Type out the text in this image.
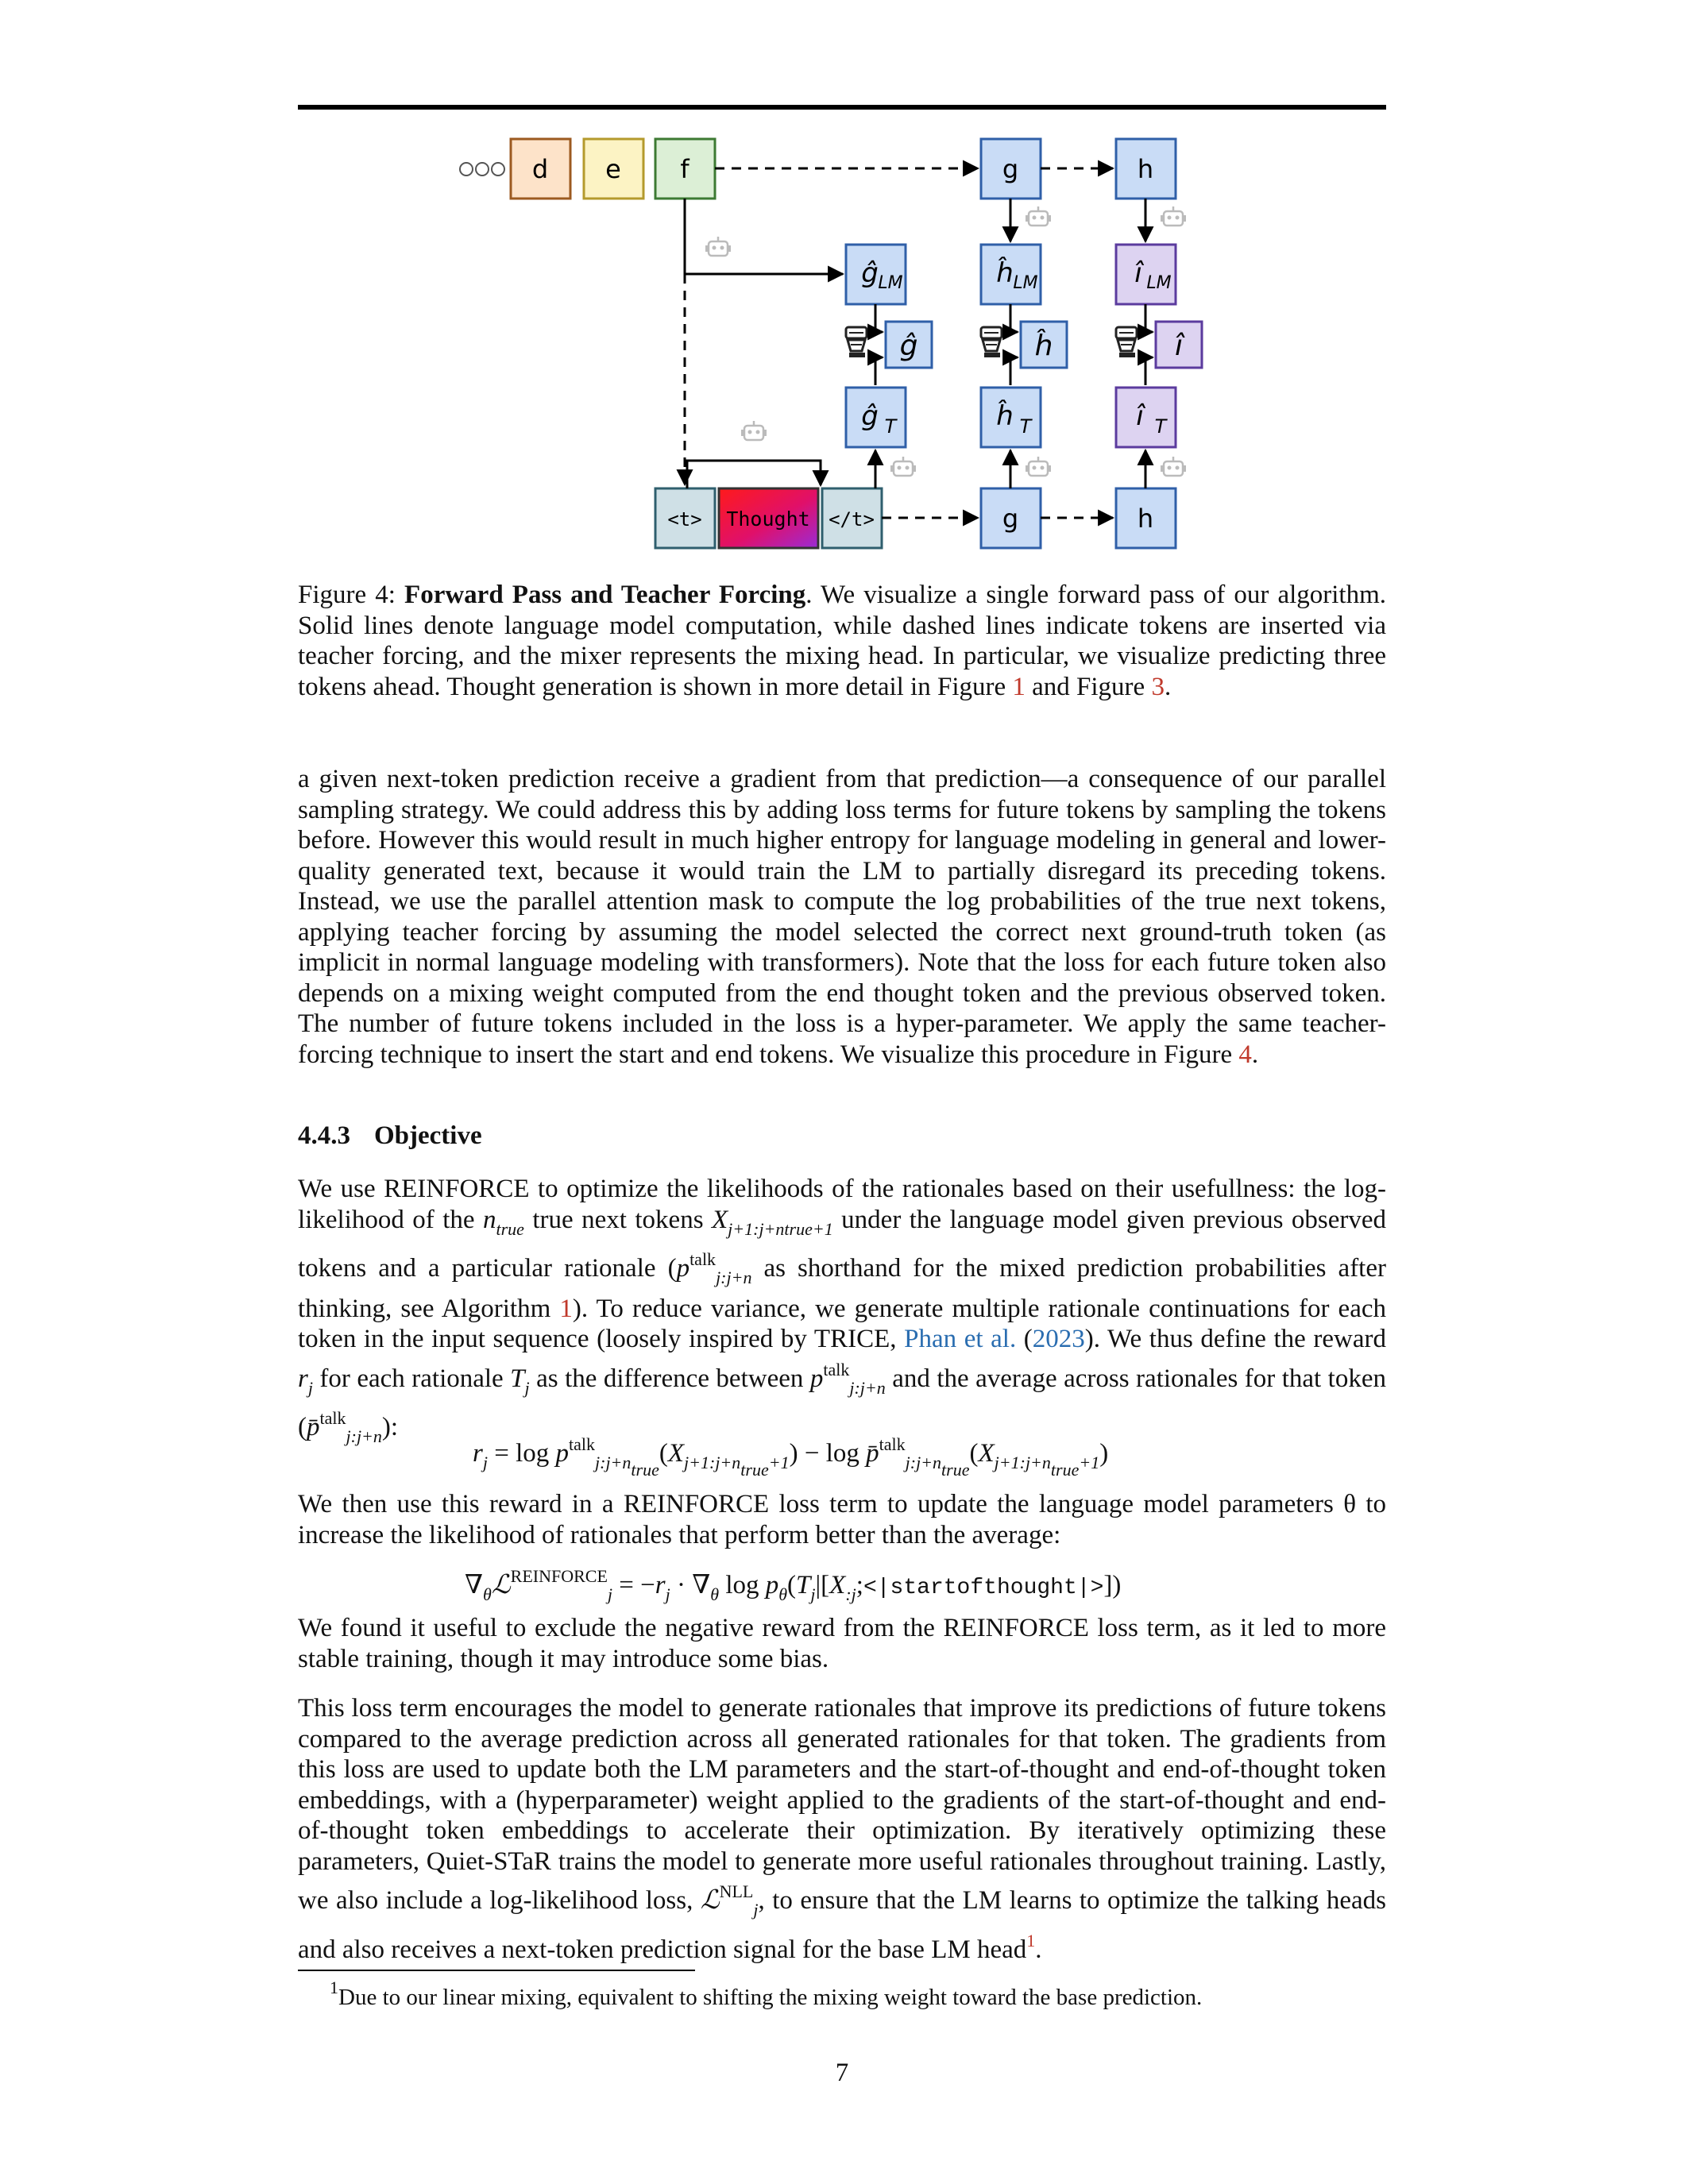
d e f	g	h
ĝ LM	ĥ LM	î LM
ĝ	ĥ	î
ĝ T	ĥ T	î T
<t> Thought </t>	g	h
Figure 4: Forward Pass and Teacher Forcing. We visualize a single forward pass of our algorithm. Solid lines denote language model computation, while dashed lines indicate tokens are inserted via teacher forcing, and the mixer represents the mixing head. In particular, we visualize predicting three tokens ahead. Thought generation is shown in more detail in Figure 1 and Figure 3.
a given next-token prediction receive a gradient from that prediction—a consequence of our parallel sampling strategy. We could address this by adding loss terms for future tokens by sampling the tokens before. However this would result in much higher entropy for language modeling in general and lower-quality generated text, because it would train the LM to partially disregard its preceding tokens. Instead, we use the parallel attention mask to compute the log probabilities of the true next tokens, applying teacher forcing by assuming the model selected the correct next ground-truth token (as implicit in normal language modeling with transformers). Note that the loss for each future token also depends on a mixing weight computed from the end thought token and the previous observed token. The number of future tokens included in the loss is a hyper-parameter. We apply the same teacher-forcing technique to insert the start and end tokens. We visualize this procedure in Figure 4.
4.4.3 Objective
We use REINFORCE to optimize the likelihoods of the rationales based on their usefullness: the log-likelihood of the $n_{true}$ true next tokens $X_{j+1:j+ntrue+1}$ under the language model given previous observed tokens and a particular rationale ($p^{talk}_{j:j+n}$ as shorthand for the mixed prediction probabilities after thinking, see Algorithm 1). To reduce variance, we generate multiple rationale continuations for each token in the input sequence (loosely inspired by TRICE, Phan et al. (2023). We thus define the reward $r_j$ for each rationale $T_j$ as the difference between $p^{talk}_{j:j+n}$ and the average across rationales for that token (p̄$^{talk}_{j:j+n}$):
$r_j = \log p^{talk}_{j:j+ntrue}(X_{j+1:j+ntrue+1}) - \log$ $p̄^{talk}_{j:j+ntrue}(X_{j+1:j+ntrue+1})$
We then use this reward in a REINFORCE loss term to update the language model parameters θ to increase the likelihood of rationales that perform better than the average:
$\nabla_\theta ℒ^{REINFORCE}_j = -r_j \cdot \nabla_\theta$ $\log p_\theta(T_j|[X_{:j};<|startofthought|>])$
We found it useful to exclude the negative reward from the REINFORCE loss term, as it led to more stable training, though it may introduce some bias.
This loss term encourages the model to generate rationales that improve its predictions of future tokens compared to the average prediction across all generated rationales for that token. The gradients from this loss are used to update both the LM parameters and the start-of-thought and end-of-thought token embeddings, with a (hyperparameter) weight applied to the gradients of the start-of-thought and end-of-thought token embeddings to accelerate their optimization. By iteratively optimizing these parameters, Quiet-STaR trains the model to generate more useful rationales throughout training. Lastly, we also include a log-likelihood loss, ℒ$^{NLL}_j$, to ensure that the LM learns to optimize the talking heads and also receives a next-token prediction signal for the base LM head$^1$.
$^1$Due to our linear mixing, equivalent to shifting the mixing weight toward the base prediction.
7
